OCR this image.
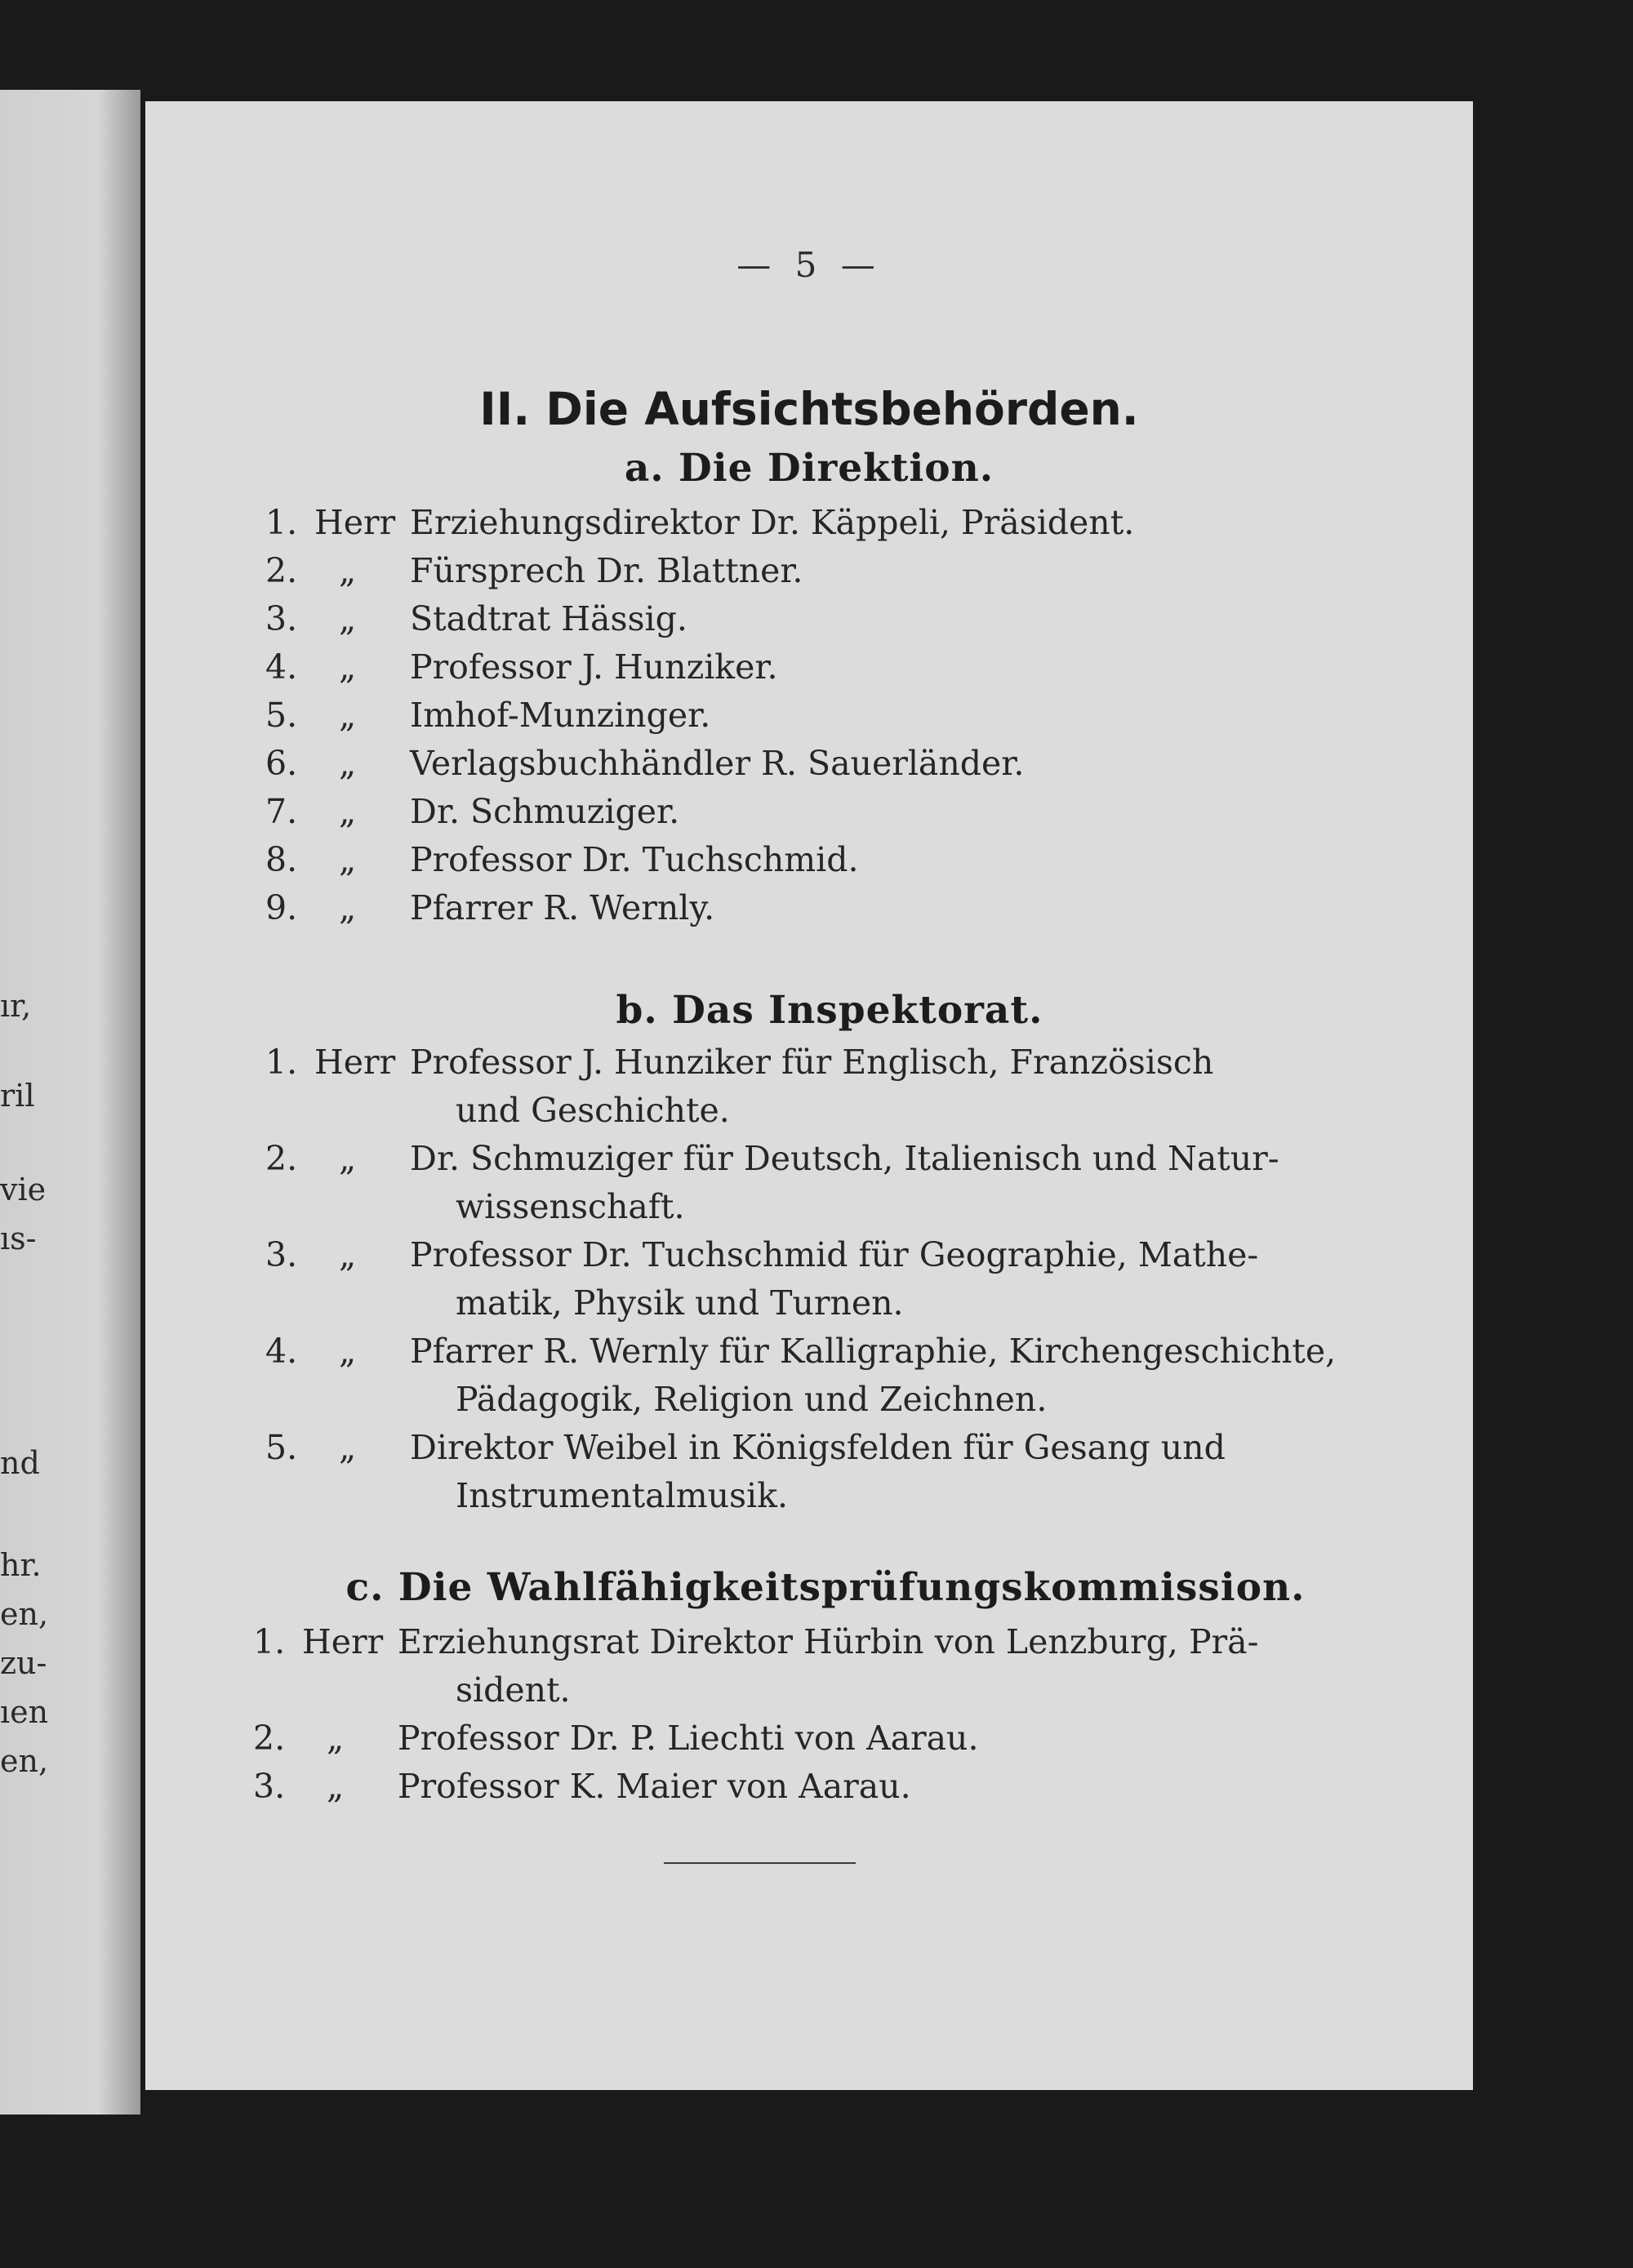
ır,
ril
vie
ıs-
nd
hr.
en,
zu-
ıen
en,
— 5 —
II. Die Aufsichtsbehörden.
a. Die Direktion.
1. Herr Erziehungsdirektor Dr. Käppeli, Präsident.
2. „ Fürsprech Dr. Blattner.
3. „ Stadtrat Hässig.
4. „ Professor J. Hunziker.
5. „ Imhof-Munzinger.
6. „ Verlagsbuchhändler R. Sauerländer.
7. „ Dr. Schmuziger.
8. „ Professor Dr. Tuchschmid.
9. „ Pfarrer R. Wernly.
b. Das Inspektorat.
1. Herr Professor J. Hunziker für Englisch, Französisch
und Geschichte.
2. „ Dr. Schmuziger für Deutsch, Italienisch und Natur-
wissenschaft.
3. „ Professor Dr. Tuchschmid für Geographie, Mathe-
matik, Physik und Turnen.
4. „ Pfarrer R. Wernly für Kalligraphie, Kirchengeschichte,
Pädagogik, Religion und Zeichnen.
5. „ Direktor Weibel in Königsfelden für Gesang und
Instrumentalmusik.
c. Die Wahlfähigkeitsprüfungskommission.
1. Herr Erziehungsrat Direktor Hürbin von Lenzburg, Prä-
sident.
2. „ Professor Dr. P. Liechti von Aarau.
3. „ Professor K. Maier von Aarau.
